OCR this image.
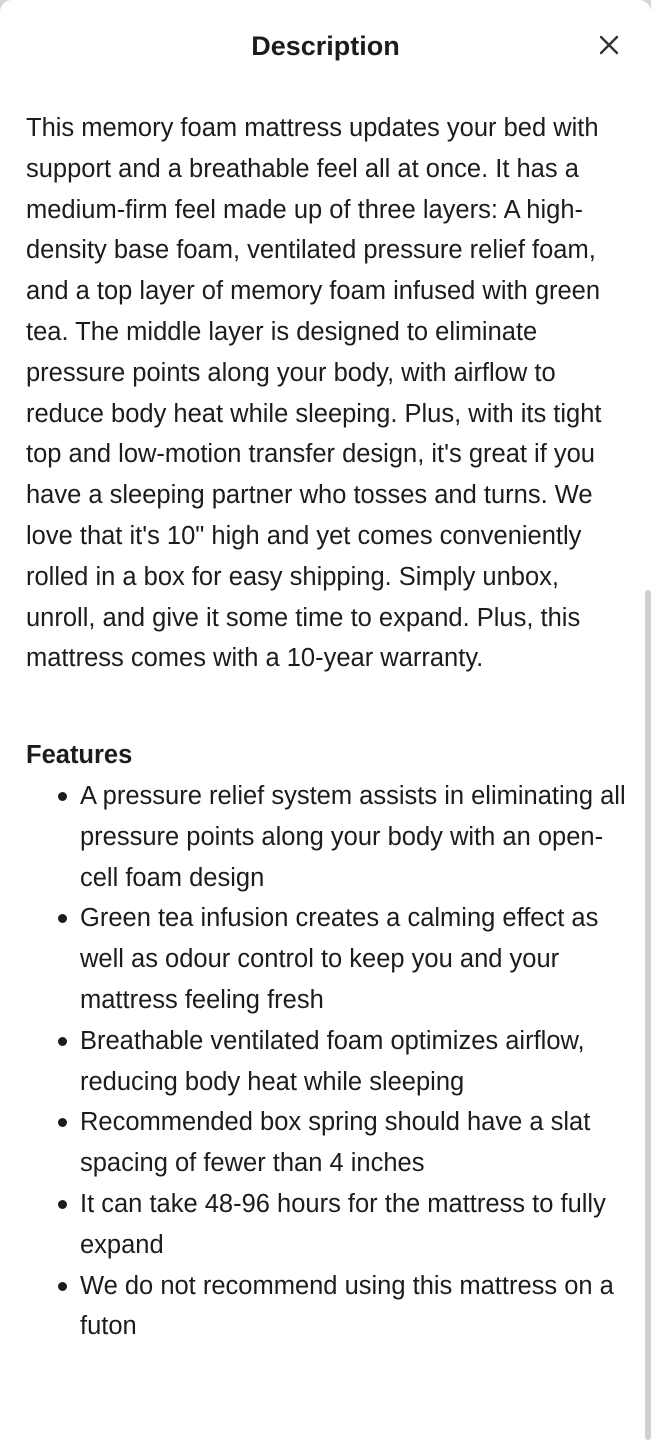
Description

This memory foam mattress updates your bed with support and a breathable feel all at once. It has a medium-firm feel made up of three layers: A high-density base foam, ventilated pressure relief foam, and a top layer of memory foam infused with green tea. The middle layer is designed to eliminate pressure points along your body, with airflow to reduce body heat while sleeping. Plus, with its tight top and low-motion transfer design, it's great if you have a sleeping partner who tosses and turns. We love that it's 10" high and yet comes conveniently rolled in a box for easy shipping. Simply unbox, unroll, and give it some time to expand. Plus, this mattress comes with a 10-year warranty.

Features
A pressure relief system assists in eliminating all pressure points along your body with an open-cell foam design
Green tea infusion creates a calming effect as well as odour control to keep you and your mattress feeling fresh
Breathable ventilated foam optimizes airflow, reducing body heat while sleeping
Recommended box spring should have a slat spacing of fewer than 4 inches
It can take 48-96 hours for the mattress to fully expand
We do not recommend using this mattress on a futon
